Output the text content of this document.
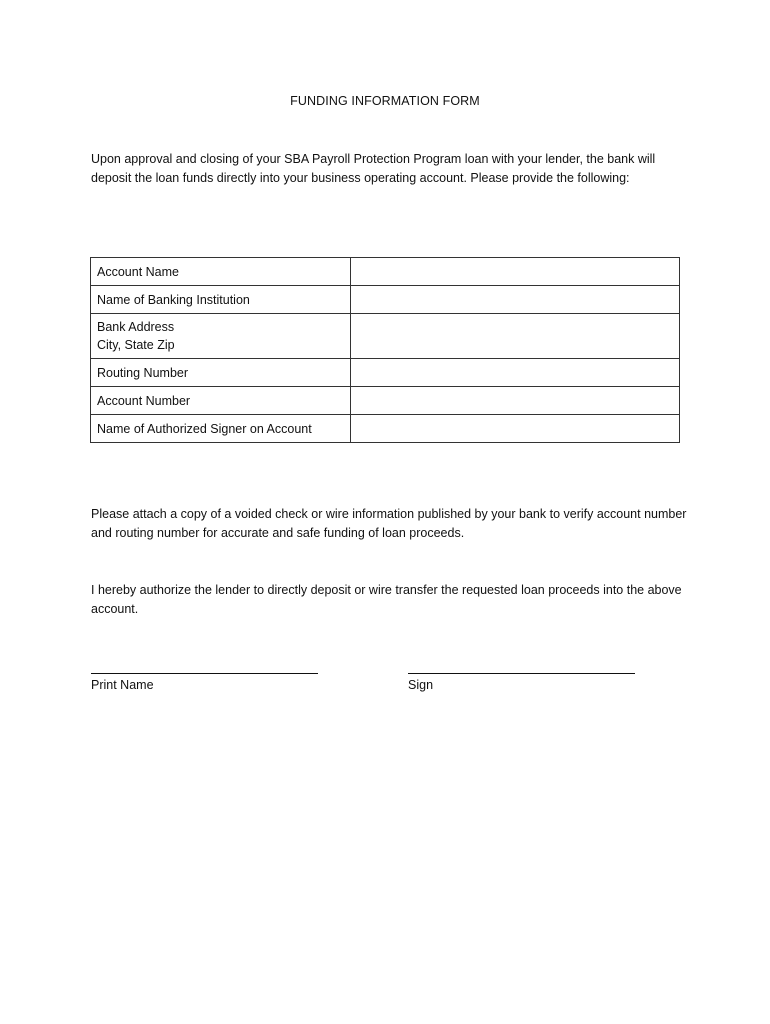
FUNDING INFORMATION FORM
Upon approval and closing of your SBA Payroll Protection Program loan with your lender, the bank will deposit the loan funds directly into your business operating account. Please provide the following:
Account Name	
Name of Banking Institution	

Bank Address
City, State Zip	

Routing Number	
Account Number	
Name of Authorized Signer on Account	
Please attach a copy of a voided check or wire information published by your bank to verify account number and routing number for accurate and safe funding of loan proceeds.
I hereby authorize the lender to directly deposit or wire transfer the requested loan proceeds into the above account.
Print Name	Sign
